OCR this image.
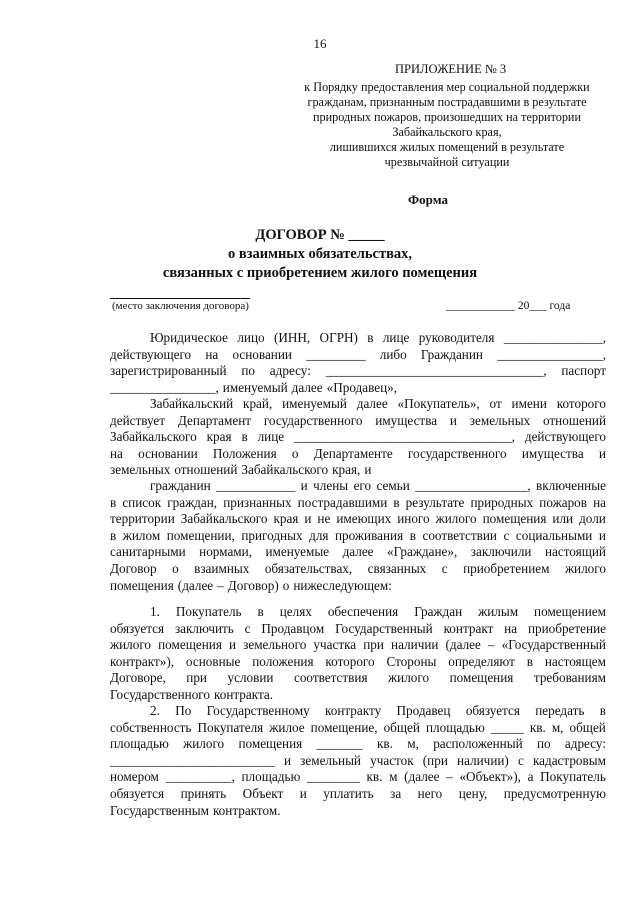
16
ПРИЛОЖЕНИЕ № 3
к Порядку предоставления мер социальной поддержки
гражданам, признанным пострадавшими в результате
природных пожаров, произошедших на территории
Забайкальского края,
лишившихся жилых помещений в результате
чрезвычайной ситуации
Форма
ДОГОВОР № _____
о взаимных обязательствах,
связанных с приобретением жилого помещения
(место заключения договора)	____________ 20___ года
Юридическое лицо (ИНН, ОГРН) в лице руководителя _______________,
действующего на основании _________ либо Гражданин ________________,
зарегистрированный по адресу: _________________________________, паспорт
________________, именуемый далее «Продавец»,
Забайкальский край, именуемый далее «Покупатель», от имени которого
действует Департамент государственного имущества и земельных отношений
Забайкальского края в лице _________________________________, действующего
на основании Положения о Департаменте государственного имущества и
земельных отношений Забайкальского края, и
гражданин ____________ и члены его семьи _________________, включенные
в список граждан, признанных пострадавшими в результате природных пожаров на
территории Забайкальского края и не имеющих иного жилого помещения или доли
в жилом помещении, пригодных для проживания в соответствии с социальными и
санитарными нормами, именуемые далее «Граждане», заключили настоящий
Договор о взаимных обязательствах, связанных с приобретением жилого
помещения (далее – Договор) о нижеследующем:
1. Покупатель в целях обеспечения Граждан жилым помещением
обязуется заключить с Продавцом Государственный контракт на приобретение
жилого помещения и земельного участка при наличии (далее – «Государственный
контракт»), основные положения которого Стороны определяют в настоящем
Договоре, при условии соответствия жилого помещения требованиям
Государственного контракта.
2. По Государственному контракту Продавец обязуется передать в
собственность Покупателя жилое помещение, общей площадью _____ кв. м, общей
площадью жилого помещения _______ кв. м, расположенный по адресу:
_________________________ и земельный участок (при наличии) с кадастровым
номером __________, площадью ________ кв. м (далее – «Объект»), а Покупатель
обязуется принять Объект и уплатить за него цену, предусмотренную
Государственным контрактом.
